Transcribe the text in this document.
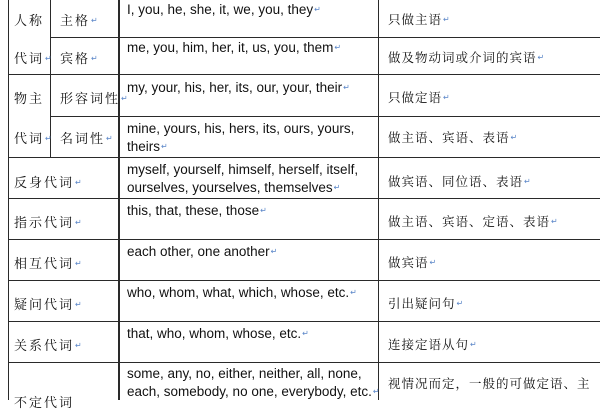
人称
代词↵
主格↵
I, you, he, she, it, we, you, they↵
只做主语↵
宾格↵
me, you, him, her, it, us, you, them↵
做及物动词或介词的宾语↵
物主
代词↵
形容词性↵
my, your, his, her, its, our, your, their↵
只做定语↵
名词性↵
mine, yours, his, hers, its, ours, yours,
theirs↵
做主语、宾语、表语↵
反身代词↵
myself, yourself, himself, herself, itself,
ourselves, yourselves, themselves↵	做宾语、同位语、表语↵
指示代词↵
this, that, these, those↵
做主语、宾语、定语、表语↵
相互代词↵
each other, one another↵
做宾语↵
疑问代词↵
who, whom, what, which, whose, etc.↵
引出疑问句↵
关系代词↵
that, who, whom, whose, etc.↵
连接定语从句↵
不定代词
some, any, no, either, neither, all, none,
each, somebody, no one, everybody, etc.↵
视情况而定，一般的可做定语、主
